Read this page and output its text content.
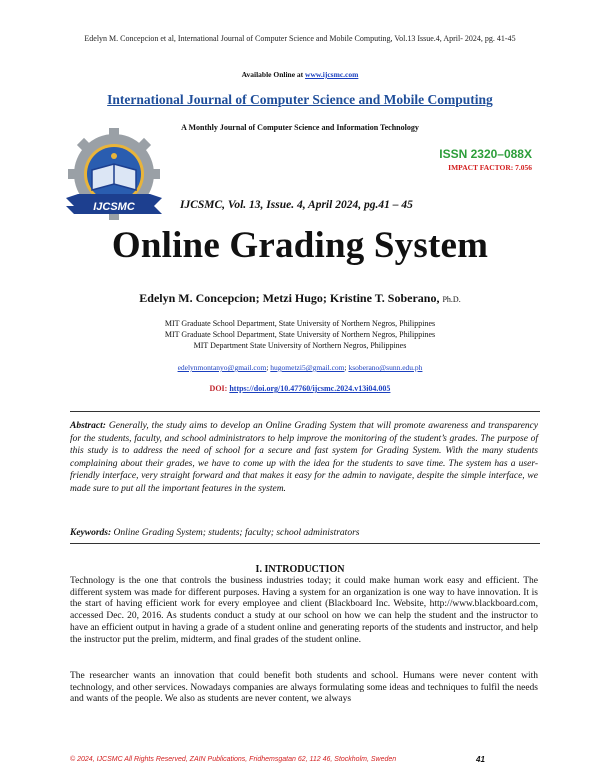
Edelyn M. Concepcion et al, International Journal of Computer Science and Mobile Computing, Vol.13 Issue.4, April- 2024, pg. 41-45
Available Online at www.ijcsmc.com
International Journal of Computer Science and Mobile Computing
A Monthly Journal of Computer Science and Information Technology
IJCSMC
ISSN 2320–088X
IMPACT FACTOR: 7.056
IJCSMC, Vol. 13, Issue. 4, April 2024, pg.41 – 45
Online Grading System
Edelyn M. Concepcion; Metzi Hugo; Kristine T. Soberano, Ph.D.
MIT Graduate School Department, State University of Northern Negros, Philippines
MIT Graduate School Department, State University of Northern Negros, Philippines
MIT Department State University of Northern Negros, Philippines
edelynmontanyo@gmail.com; hugometzi5@gmail.com; ksoberano@sunn.edu.ph
DOI: https://doi.org/10.47760/ijcsmc.2024.v13i04.005
Abstract: Generally, the study aims to develop an Online Grading System that will promote awareness and transparency for the students, faculty, and school administrators to help improve the monitoring of the student’s grades. The purpose of this study is to address the need of school for a secure and fast system for Grading System. With the many students complaining about their grades, we have to come up with the idea for the students to save time. The system has a user-friendly interface, very straight forward and that makes it easy for the admin to navigate, despite the simple interface, we made sure to put all the important features in the system.
Keywords: Online Grading System; students; faculty; school administrators
I. INTRODUCTION
Technology is the one that controls the business industries today; it could make human work easy and efficient. The different system was made for different purposes. Having a system for an organization is one way to have innovation. It is the start of having efficient work for every employee and client (Blackboard Inc. Website, http://www.blackboard.com, accessed Dec. 20, 2016. As students conduct a study at our school on how we can help the student and the instructor to have an efficient output in having a grade of a student online and generating reports of the students and instructor, and help the instructor put the prelim, midterm, and final grades of the student online.
The researcher wants an innovation that could benefit both students and school. Humans were never content with technology, and other services. Nowadays companies are always formulating some ideas and techniques to fulfil the needs and wants of the people. We also as students are never content, we always
© 2024, IJCSMC All Rights Reserved, ZAIN Publications, Fridhemsgatan 62, 112 46, Stockholm, Sweden	41
